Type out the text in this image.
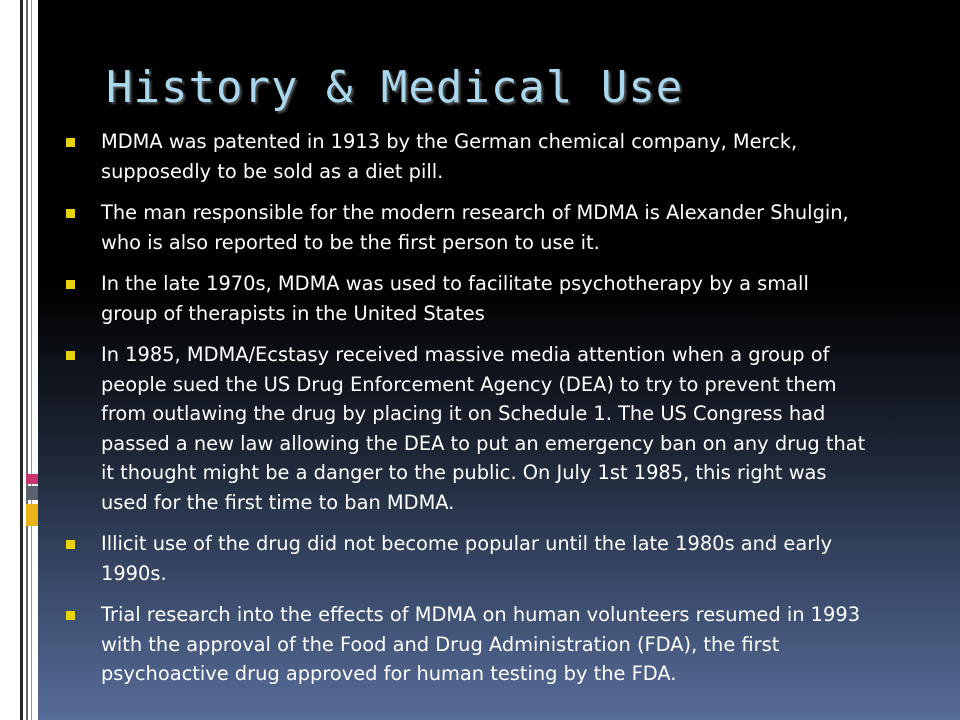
History & Medical Use
MDMA was patented in 1913 by the German chemical company, Merck, supposedly to be sold as a diet pill.
The man responsible for the modern research of MDMA is Alexander Shulgin, who is also reported to be the first person to use it.
In the late 1970s, MDMA was used to facilitate psychotherapy by a small group of therapists in the United States
In 1985, MDMA/Ecstasy received massive media attention when a group of people sued the US Drug Enforcement Agency (DEA) to try to prevent them from outlawing the drug by placing it on Schedule 1. The US Congress had passed a new law allowing the DEA to put an emergency ban on any drug that it thought might be a danger to the public. On July 1st 1985, this right was used for the first time to ban MDMA.
Illicit use of the drug did not become popular until the late 1980s and early 1990s.
Trial research into the effects of MDMA on human volunteers resumed in 1993 with the approval of the Food and Drug Administration (FDA), the first psychoactive drug approved for human testing by the FDA.
